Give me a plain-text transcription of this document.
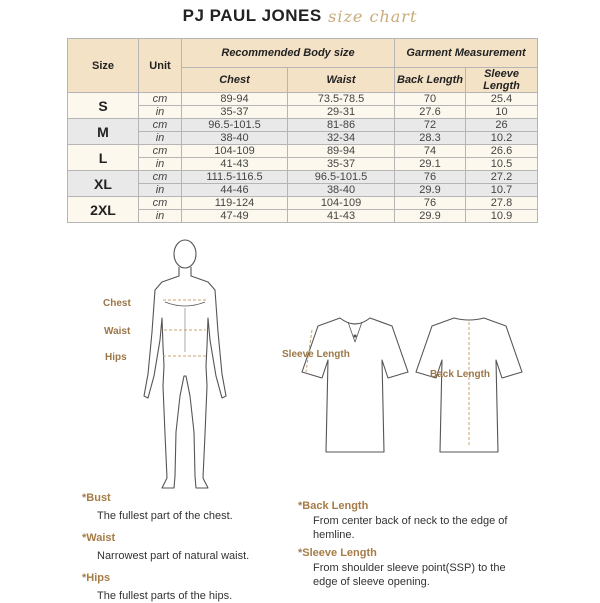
PJ PAUL JONES size chart
Size	Unit	Recommended Body size		Garment Measurement	
		Chest	Waist	Back Length	Sleeve Length
S	cm	89-94	73.5-78.5	70	25.4
	in	35-37	29-31	27.6	10
M	cm	96.5-101.5	81-86	72	26
	in	38-40	32-34	28.3	10.2
L	cm	104-109	89-94	74	26.6
	in	41-43	35-37	29.1	10.5
XL	cm	111.5-116.5	96.5-101.5	76	27.2
	in	44-46	38-40	29.9	10.7
2XL	cm	119-124	104-109	76	27.8
	in	47-49	41-43	29.9	10.9
Chest
Waist
Hips	Sleeve Length
Back Length
*Bust
The fullest part of the chest.
*Waist
Narrowest part of natural waist.
*Hips
The fullest parts of the hips.
*Back Length
From center back of neck to the edge of hemline.
*Sleeve Length
From shoulder sleeve point(SSP) to the edge of sleeve opening.
